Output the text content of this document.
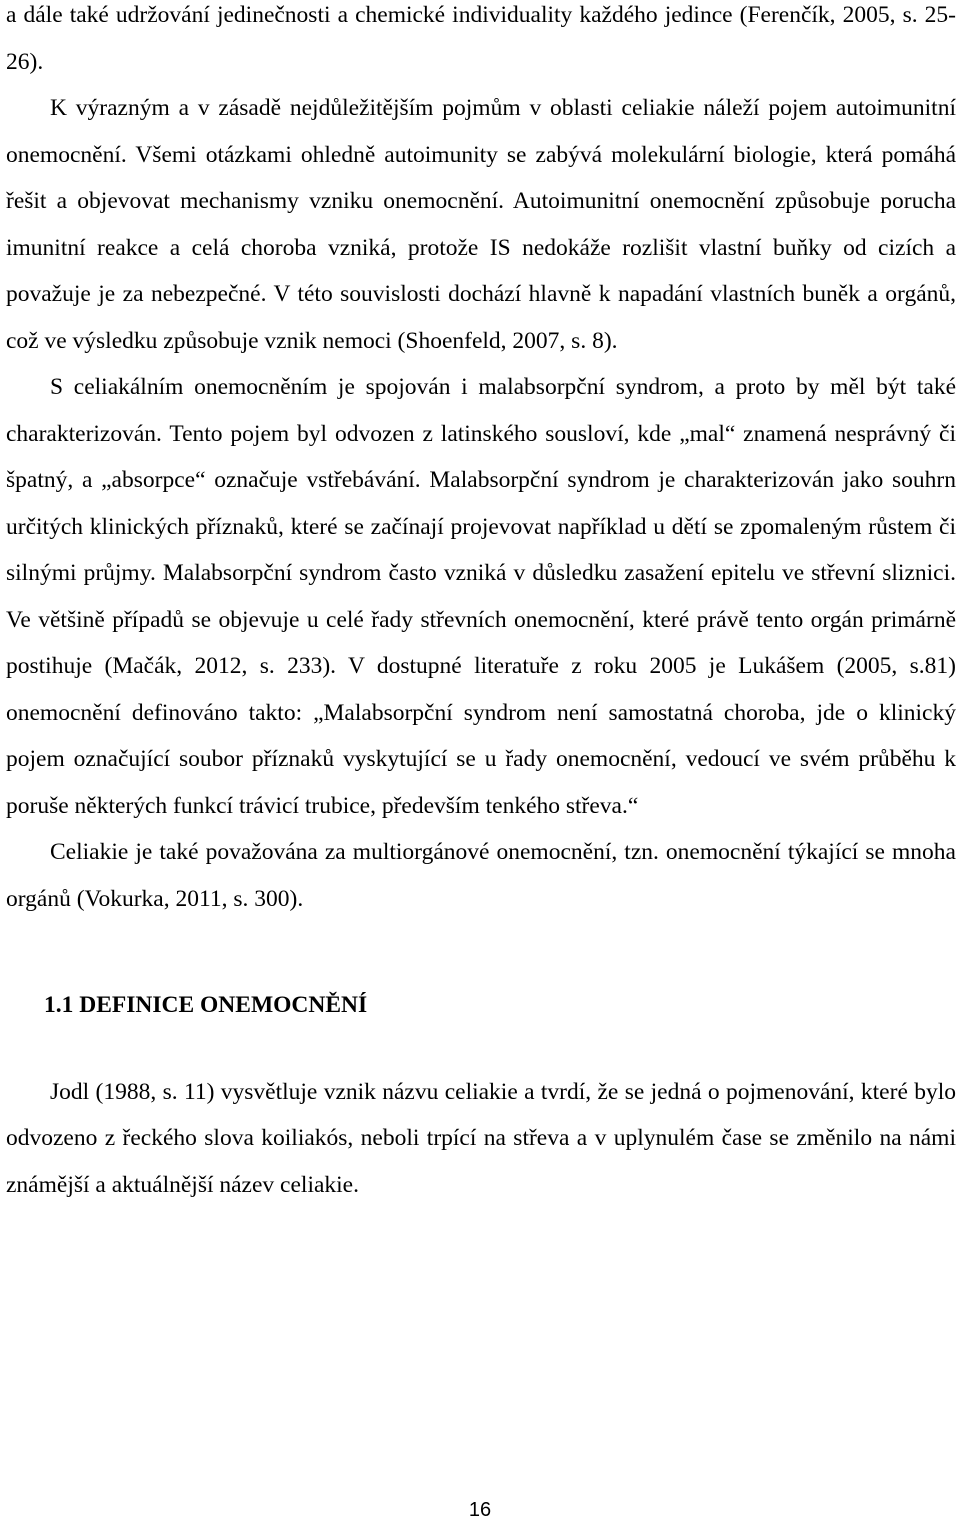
a dále také udržování jedinečnosti a chemické individuality každého jedince (Ferenčík, 2005, s. 25-26).

K výrazným a v zásadě nejdůležitějším pojmům v oblasti celiakie náleží pojem autoimunitní onemocnění. Všemi otázkami ohledně autoimunity se zabývá molekulární biologie, která pomáhá řešit a objevovat mechanismy vzniku onemocnění. Autoimunitní onemocnění způsobuje porucha imunitní reakce a celá choroba vzniká, protože IS nedokáže rozlišit vlastní buňky od cizích a považuje je za nebezpečné. V této souvislosti dochází hlavně k napadání vlastních buněk a orgánů, což ve výsledku způsobuje vznik nemoci (Shoenfeld, 2007, s. 8).

S celiakálním onemocněním je spojován i malabsorpční syndrom, a proto by měl být také charakterizován. Tento pojem byl odvozen z latinského sousloví, kde „mal“ znamená nesprávný či špatný, a „absorpce“ označuje vstřebávání. Malabsorpční syndrom je charakterizován jako souhrn určitých klinických příznaků, které se začínají projevovat například u dětí se zpomaleným růstem či silnými průjmy. Malabsorpční syndrom často vzniká v důsledku zasažení epitelu ve střevní sliznici. Ve většině případů se objevuje u celé řady střevních onemocnění, které právě tento orgán primárně postihuje (Mačák, 2012, s. 233). V dostupné literatuře z roku 2005 je Lukášem (2005, s.81) onemocnění definováno takto: „Malabsorpční syndrom není samostatná choroba, jde o klinický pojem označující soubor příznaků vyskytující se u řady onemocnění, vedoucí ve svém průběhu k poruše některých funkcí trávicí trubice, především tenkého střeva.“

Celiakie je také považována za multiorgánové onemocnění, tzn. onemocnění týkající se mnoha orgánů (Vokurka, 2011, s. 300).

1.1 DEFINICE ONEMOCNĚNÍ

Jodl (1988, s. 11) vysvětluje vznik názvu celiakie a tvrdí, že se jedná o pojmenování, které bylo odvozeno z řeckého slova koiliakós, neboli trpící na střeva a v uplynulém čase se změnilo na námi známější a aktuálnější název celiakie.

16
